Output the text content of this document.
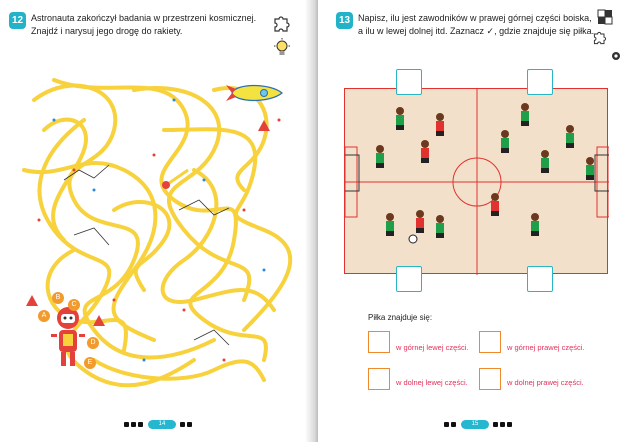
12 Astronauta zakończył badania w przestrzeni kosmicznej.
Znajdź i narysuj jego drogę do rakiety.
A
B
C
D
E
14
13 Napisz, ilu jest zawodników w prawej górnej części boiska,
a ilu w lewej dolnej itd. Zaznacz ✓, gdzie znajduje się piłka.
Piłka znajduje się:
w górnej lewej części.	w górnej prawej części.
w dolnej lewej części.	w dolnej prawej części.
15
